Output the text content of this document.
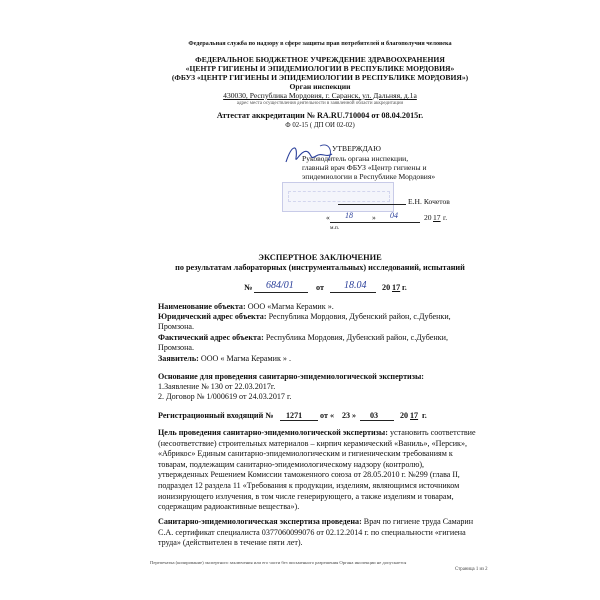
Федеральная служба по надзору в сфере защиты прав потребителей и благополучия человека
ФЕДЕРАЛЬНОЕ БЮДЖЕТНОЕ УЧРЕЖДЕНИЕ ЗДРАВООХРАНЕНИЯ
«ЦЕНТР ГИГИЕНЫ И ЭПИДЕМИОЛОГИИ В РЕСПУБЛИКЕ МОРДОВИЯ»
(ФБУЗ «ЦЕНТР ГИГИЕНЫ И ЭПИДЕМИОЛОГИИ В РЕСПУБЛИКЕ МОРДОВИЯ»)
Орган инспекции
430030, Республика Мордовия, г. Саранск, ул. Дальняя, д.1а
адрес места осуществления деятельности в заявленной области аккредитации
Аттестат аккредитации № RA.RU.710004 от 08.04.2015г.
Ф 02-15 ( ДП ОИ 02-02)
УТВЕРЖДАЮ
Руководитель органа инспекции,
главный врач ФБУЗ «Центр гигиены и
эпидемиологии в Республике Мордовия»
Е.Н. Кочетов
« 18	» 04	20 17 г.
м.п.
ЭКСПЕРТНОЕ ЗАКЛЮЧЕНИЕ
по результатам лабораторных (инструментальных) исследований, испытаний
№ 684/01	от 18.04 20 17 г.
Наименование объекта: ООО «Магма Керамик ».
Юридический адрес объекта: Республика Мордовия, Дубенский район, с.Дубенки,
Промзона.
Фактический адрес объекта: Республика Мордовия, Дубенский район, с.Дубенки,
Промзона.
Заявитель: ООО « Магма Керамик » .
Основание для проведения санитарно-эпидемиологической экспертизы:
1.Заявление № 130 от 22.03.2017г.
2. Договор № 1/000619 от 24.03.2017 г.
Регистрационный входящий № 1271 от « 23 » 03	20 17 г.
Цель проведения санитарно-эпидемиологической экспертизы: установить соответствие (несоответствие) строительных материалов – кирпич керамический «Ваниль», «Персик», «Абрикос» Единым санитарно-эпидемиологическим и гигиеническим требованиям к товарам, подлежащим санитарно-эпидемиологическому надзору (контролю), утвержденных Решением Комиссии таможенного союза от 28.05.2010 г. №299 (глава II, подраздел 12 раздела 11 «Требования к продукции, изделиям, являющимся источником ионизирующего излучения, в том числе генерирующего, а также изделиям и товарам, содержащим радиоактивные вещества»).
Санитарно-эпидемиологическая экспертиза проведена: Врач по гигиене труда Самарин С.А. сертификат специалиста 0377060099076 от 02.12.2014 г. по специальности «гигиена труда» (действителен в течение пяти лет).
Перепечатка (копирование) экспертного заключения или его части без письменного разрешения Органа инспекции не допускается
Страница 1 из 2
